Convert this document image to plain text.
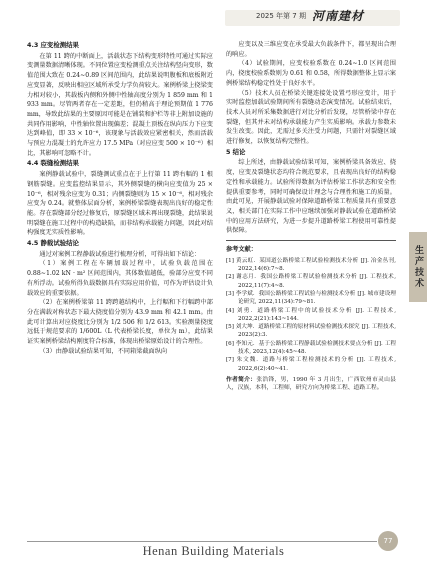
2025 年第 7 期 河南建材
生产技术
4.3 应变检测结果

在第 11 跨的中断面上，活载状态下结构变形特性可通过实际应变测量数据清晰体现。不同位置应变检测重点关注结构竖向变形，数值范围大致在 0.24~0.89 区间范围内，此结果说明腹板和底板附近应变显著，反映出相应区域所承受力学负荷较大。案例桥梁上挠梁变力相对较小，其载板内侧和外侧中性轴高度分别为 1 859 mm 和 1 933 mm。尽管两者存在一定差距，但仍稍高于理论预期值 1 776 mm，导致此结果的主要原因可能是在铺装和护栏等非上附加设施的共同作用影响，中性轴位置出现偏差；混凝土顶板在纵向压力下应变达到峰值，即 33 × 10⁻⁶，该现象与活载效应紧密相关，然而活载与预应力混凝土的允许应力 17.5 MPa（对应应变 500 × 10⁻⁶）相比，其影响可忽略不计。

4.4 裂缝检测结果

案例静载试验中，裂缝测试重点在于上行第 11 跨右幅的 1 根钢筋裂缝。应变监控结果显示，其外侧裂缝的横向应变值为 25 × 10⁻⁶，相对残余应变为 0.31；内侧裂缝则为 15 × 10⁻⁶，相对残余应变为 0.24。就整体层面分析，案例桥梁裂缝表现出良好的稳定性能。存在裂缝部分经过修复后，原裂缝区域未再出现裂缝，此结果说明裂缝在施工过程中的构造缺陷，而非结构承载能力问题，因此对结构强度无实质性影响。

4.5 静载试验结论

通过对案例工程静载试验进行梳理分析，可得出如下结论：

（1）案例工程在车辆加载过程中，试验负载范围在 0.88~1.02 kN · m² 区间范围内，其体数值越低，验部分应变不同有所浮动。试验所得负载数据具有实际应用价值，可作为评估设计负载效应的重要依据。

（2）在案例桥梁第 11 跨跨越结构中，上行幅和下行幅跨中部分在满载对称状态下最大挠度值分别为 43.9 mm 和 42.1 mm。由此可计算出对应挠度比分别为 1/2 506 和 1/2 613。实验测量挠度远低于规范要求的 1/600L（L 代表桥梁长度，单位为 m），此结果证实案例桥梁结构刚度符合标准，体现出桥梁原始设计的合理性。

（3）由静载试验结果可知，不同箱梁截面纵向

应变以及三维应变在承受最大负载条件下，都呈现出合理的响应。

（4）试验期间，应变校验系数在 0.24~1.0 区间范围内，挠度校验系数则为 0.61 和 0.58，所得数据整体上显示案例桥梁结构稳定性处于良好水平。

（5）技术人员在桥梁关键连接处设置弓形应变计，用于实时监控加载试验期间所有裂缝动态演变情况。试验结束后，技术人员对所采集数据进行对比分析后发现，尽管桥梁中存在裂缝，但其并未对结构承载能力产生实质影响。承载力参数未发生改变。因此，无需过多关注受力问题，只需针对裂缝区域进行修复，以恢复结构完整性。

5 结论

综上所述，由静载试验结果可知，案例桥梁具备效应、挠度，应变及裂缝状态均符合规范要求，且表现出良好的结构稳定性和承载能力。试验所得数据为评估桥梁工作状态和安全性提供重要参考，同时可确保设计理念与合理性和施工的质量。由此可见，开展静载试验对保障道路桥梁工程质量具有重要意义，相关部门在实际工作中应继续加强对静载试验在道路桥梁中的应用方法研究，为进一步提升道路桥梁工程使用可靠性提供保障。

参考文献：
[1] 黄云虹．某国道公路桥梁工程试验检测技术分析 [J]. 冶金丛刊, 2022,14(6):7~8.
[2] 谢志月．我国公路桥梁工程试验检测技术分析 [J]. 工程技术, 2022,11(7):4~8.
[3] 李学斌．我国公路桥梁工程试验与检测技术分析 [J]. 城市建设理论研究, 2022,11(34):79~81.
[4] 刘勇．道路桥梁工程中的试验技术分析 [J]. 工程技术, 2022,2(21):143~144.
[5] 刘大坤．道路桥梁工程的原材料试验检测技术探究 [J]. 工程技术, 2023(2):3.
[6] 李知元．基于公路桥梁工程静载试验检测技术要点分析 [J]. 工程技术, 2023,12(4):45~48.
[7] 朱文魏．道路与桥梁工程检测技术的分析 [J]. 工程技术, 2022,6(2):40~41.
作者简介：张浩锋，男，1990 年 3 月出生，广西钦州市灵山县人，汉族，本科，工程师，研究方向为桥梁工程、道路工程。
Henan Building Materials
77
